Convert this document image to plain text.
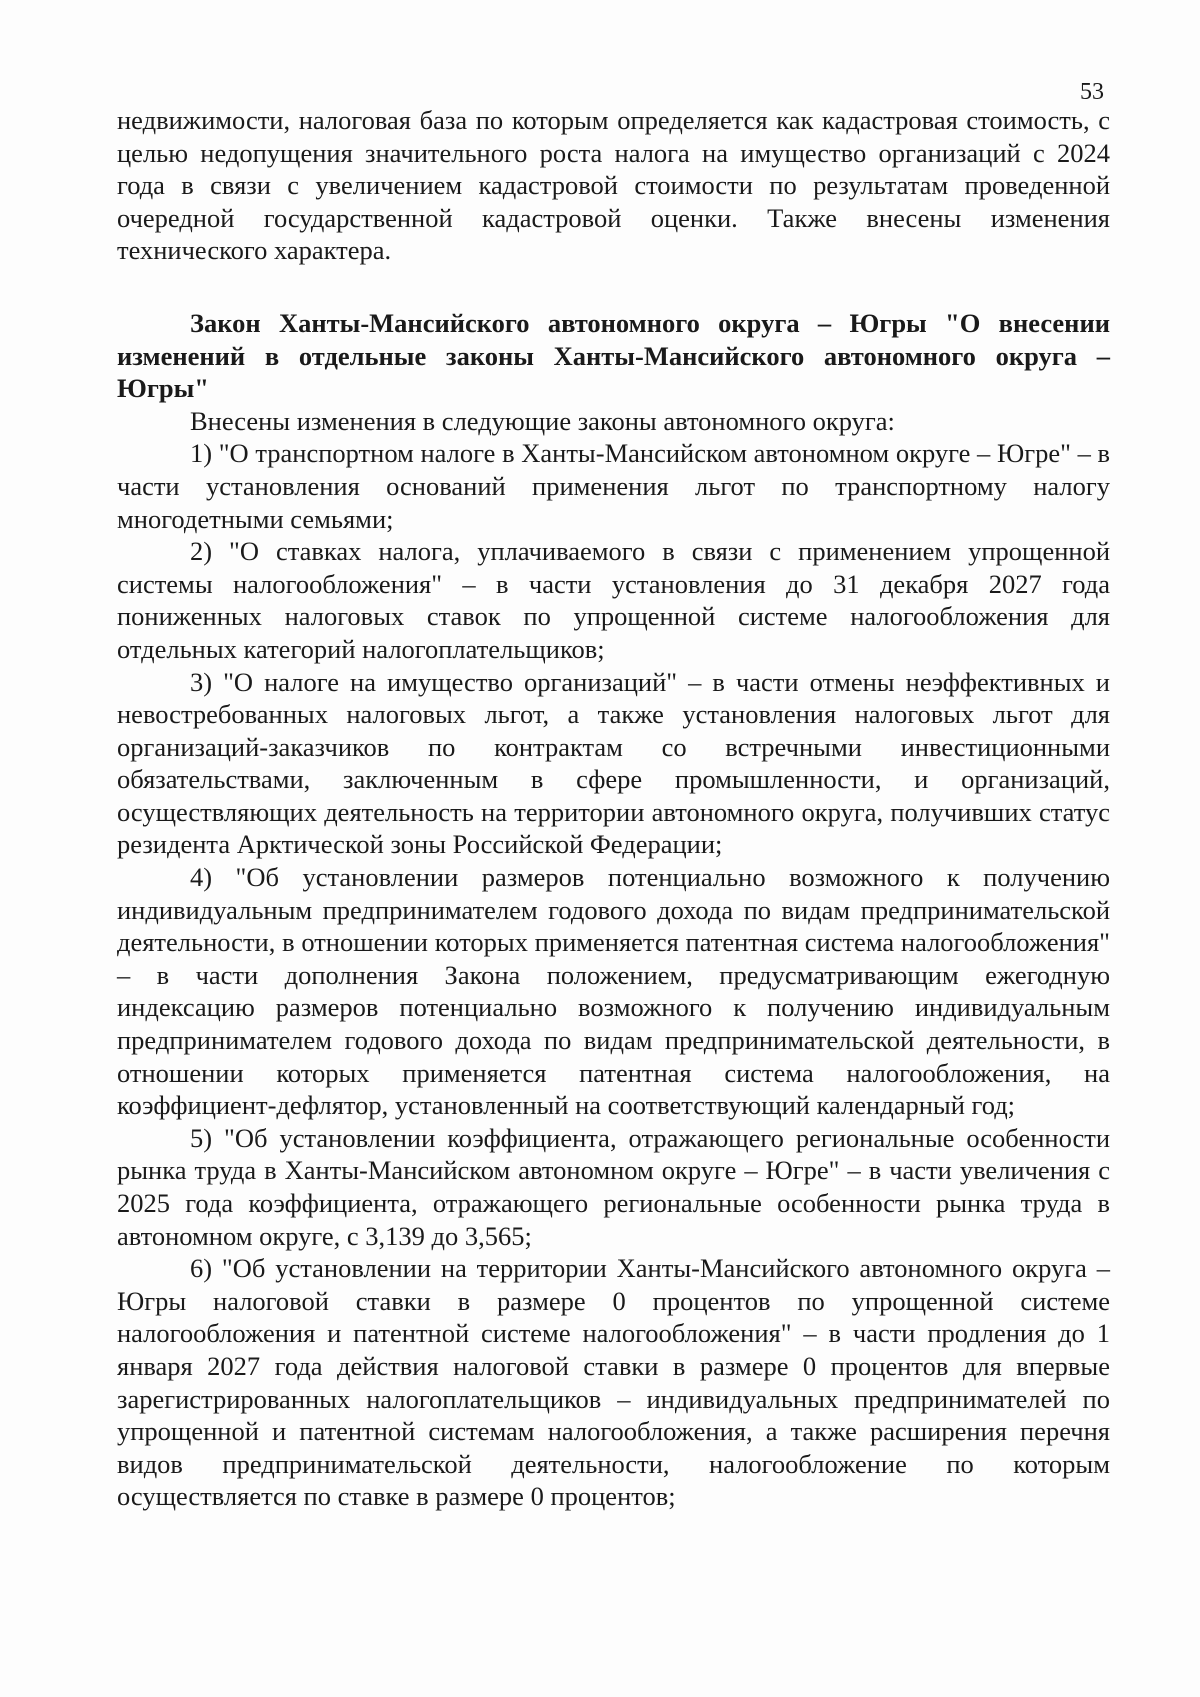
53

недвижимости, налоговая база по которым определяется как кадастровая стоимость, с целью недопущения значительного роста налога на имущество организаций с 2024 года в связи с увеличением кадастровой стоимости по результатам проведенной очередной государственной кадастровой оценки. Также внесены изменения технического характера.

Закон Ханты-Мансийского автономного округа – Югры "О внесении изменений в отдельные законы Ханты-Мансийского автономного округа – Югры"

Внесены изменения в следующие законы автономного округа:

1) "О транспортном налоге в Ханты-Мансийском автономном округе – Югре" – в части установления оснований применения льгот по транспортному налогу многодетными семьями;

2) "О ставках налога, уплачиваемого в связи с применением упрощенной системы налогообложения" – в части установления до 31 декабря 2027 года пониженных налоговых ставок по упрощенной системе налогообложения для отдельных категорий налогоплательщиков;

3) "О налоге на имущество организаций" – в части отмены неэффективных и невостребованных налоговых льгот, а также установления налоговых льгот для организаций-заказчиков по контрактам со встречными инвестиционными обязательствами, заключенным в сфере промышленности, и организаций, осуществляющих деятельность на территории автономного округа, получивших статус резидента Арктической зоны Российской Федерации;

4) "Об установлении размеров потенциально возможного к получению индивидуальным предпринимателем годового дохода по видам предпринимательской деятельности, в отношении которых применяется патентная система налогообложения" – в части дополнения Закона положением, предусматривающим ежегодную индексацию размеров потенциально возможного к получению индивидуальным предпринимателем годового дохода по видам предпринимательской деятельности, в отношении которых применяется патентная система налогообложения, на коэффициент-дефлятор, установленный на соответствующий календарный год;

5) "Об установлении коэффициента, отражающего региональные особенности рынка труда в Ханты-Мансийском автономном округе – Югре" – в части увеличения с 2025 года коэффициента, отражающего региональные особенности рынка труда в автономном округе, с 3,139 до 3,565;

6) "Об установлении на территории Ханты-Мансийского автономного округа – Югры налоговой ставки в размере 0 процентов по упрощенной системе налогообложения и патентной системе налогообложения" – в части продления до 1 января 2027 года действия налоговой ставки в размере 0 процентов для впервые зарегистрированных налогоплательщиков – индивидуальных предпринимателей по упрощенной и патентной системам налогообложения, а также расширения перечня видов предпринимательской деятельности, налогообложение по которым осуществляется по ставке в размере 0 процентов;
